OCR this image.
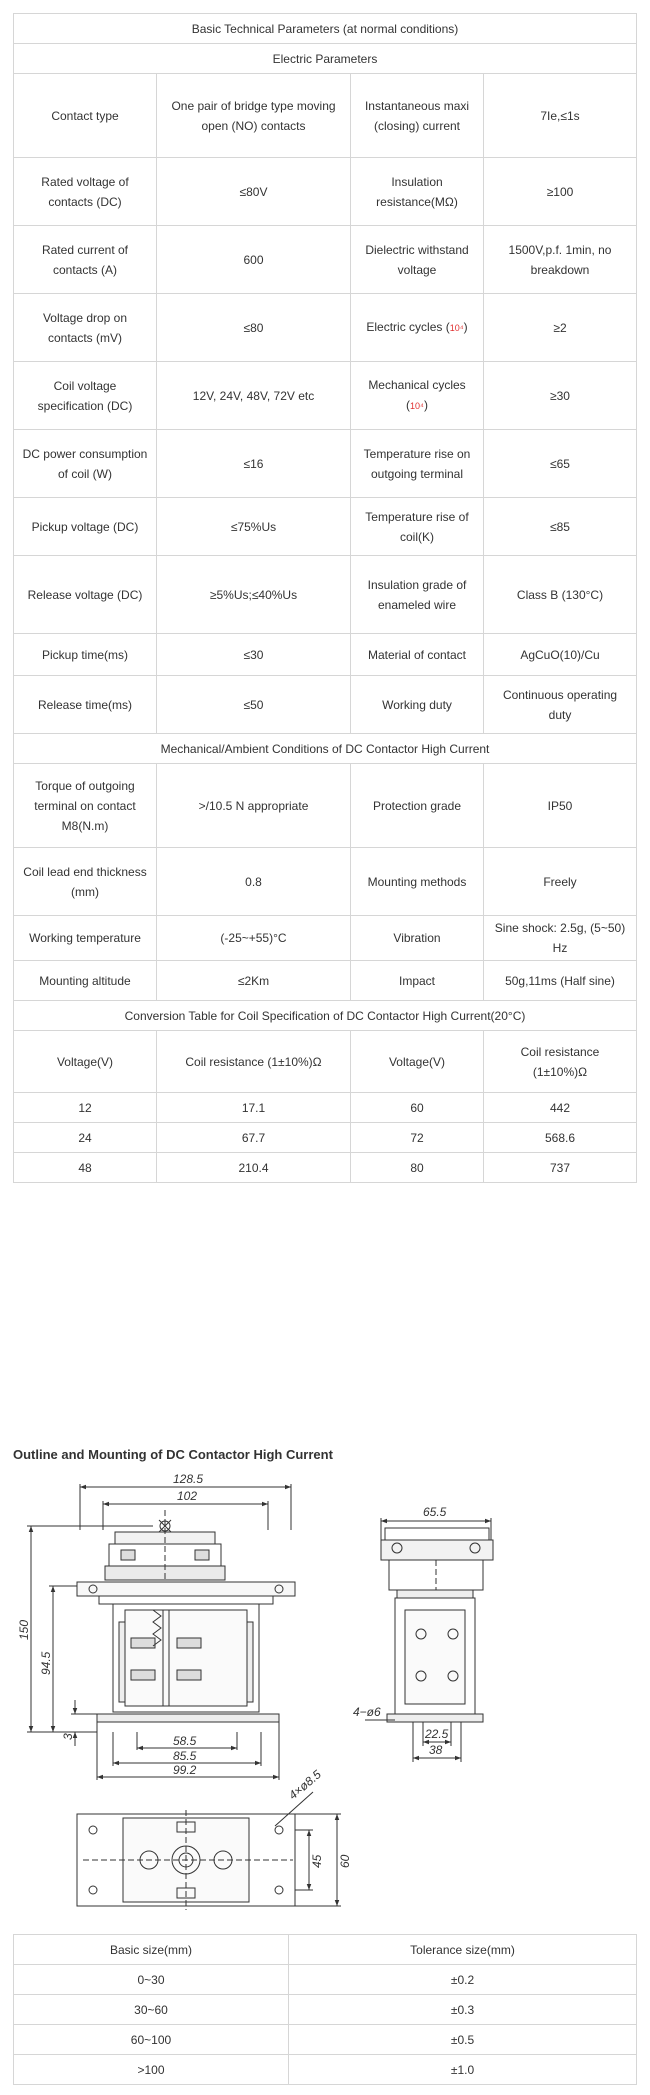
Basic Technical Parameters (at normal conditions)			
Electric Parameters			
Contact type	One pair of bridge type moving open (NO) contacts	Instantaneous maxi (closing) current	7Ie,≤1s
Rated voltage of contacts (DC)	≤80V	Insulation resistance(MΩ)	≥100
Rated current of contacts (A)	600	Dielectric withstand voltage	1500V,p.f. 1min, no breakdown
Voltage drop on contacts (mV)	≤80	Electric cycles (10⁴)	≥2
Coil voltage specification (DC)	12V, 24V, 48V, 72V etc	Mechanical cycles (10⁴)	≥30
DC power consumption of coil (W)	≤16	Temperature rise on outgoing terminal	≤65
Pickup voltage (DC)	≤75%Us	Temperature rise of coil(K)	≤85
Release voltage (DC)	≥5%Us;≤40%Us	Insulation grade of enameled wire	Class B (130°C)
Pickup time(ms)	≤30	Material of contact	AgCuO(10)/Cu
Release time(ms)	≤50	Working duty	Continuous operating duty
Mechanical/Ambient Conditions of DC Contactor High Current			
Torque of outgoing terminal on contact M8(N.m)	>/10.5 N appropriate	Protection grade	IP50
Coil lead end thickness (mm)	0.8	Mounting methods	Freely
Working temperature	(-25~+55)°C	Vibration	Sine shock: 2.5g, (5~50) Hz
Mounting altitude	≤2Km	Impact	50g,11ms (Half sine)
Conversion Table for Coil Specification of DC Contactor High Current(20°C)			
Voltage(V)	Coil resistance (1±10%)Ω	Voltage(V)	Coil resistance (1±10%)Ω
12	17.1	60	442
24	67.7	72	568.6
48	210.4	80	737
Outline and Mounting of DC Contactor High Current
128.5
102
150
94.5
3	58.5
85.5
99.2
65.5
4−ø6
22.5
38
4×ø8.5
45 60
Basic size(mm)	Tolerance size(mm)
0~30	±0.2
30~60	±0.3
60~100	±0.5
>100	±1.0
